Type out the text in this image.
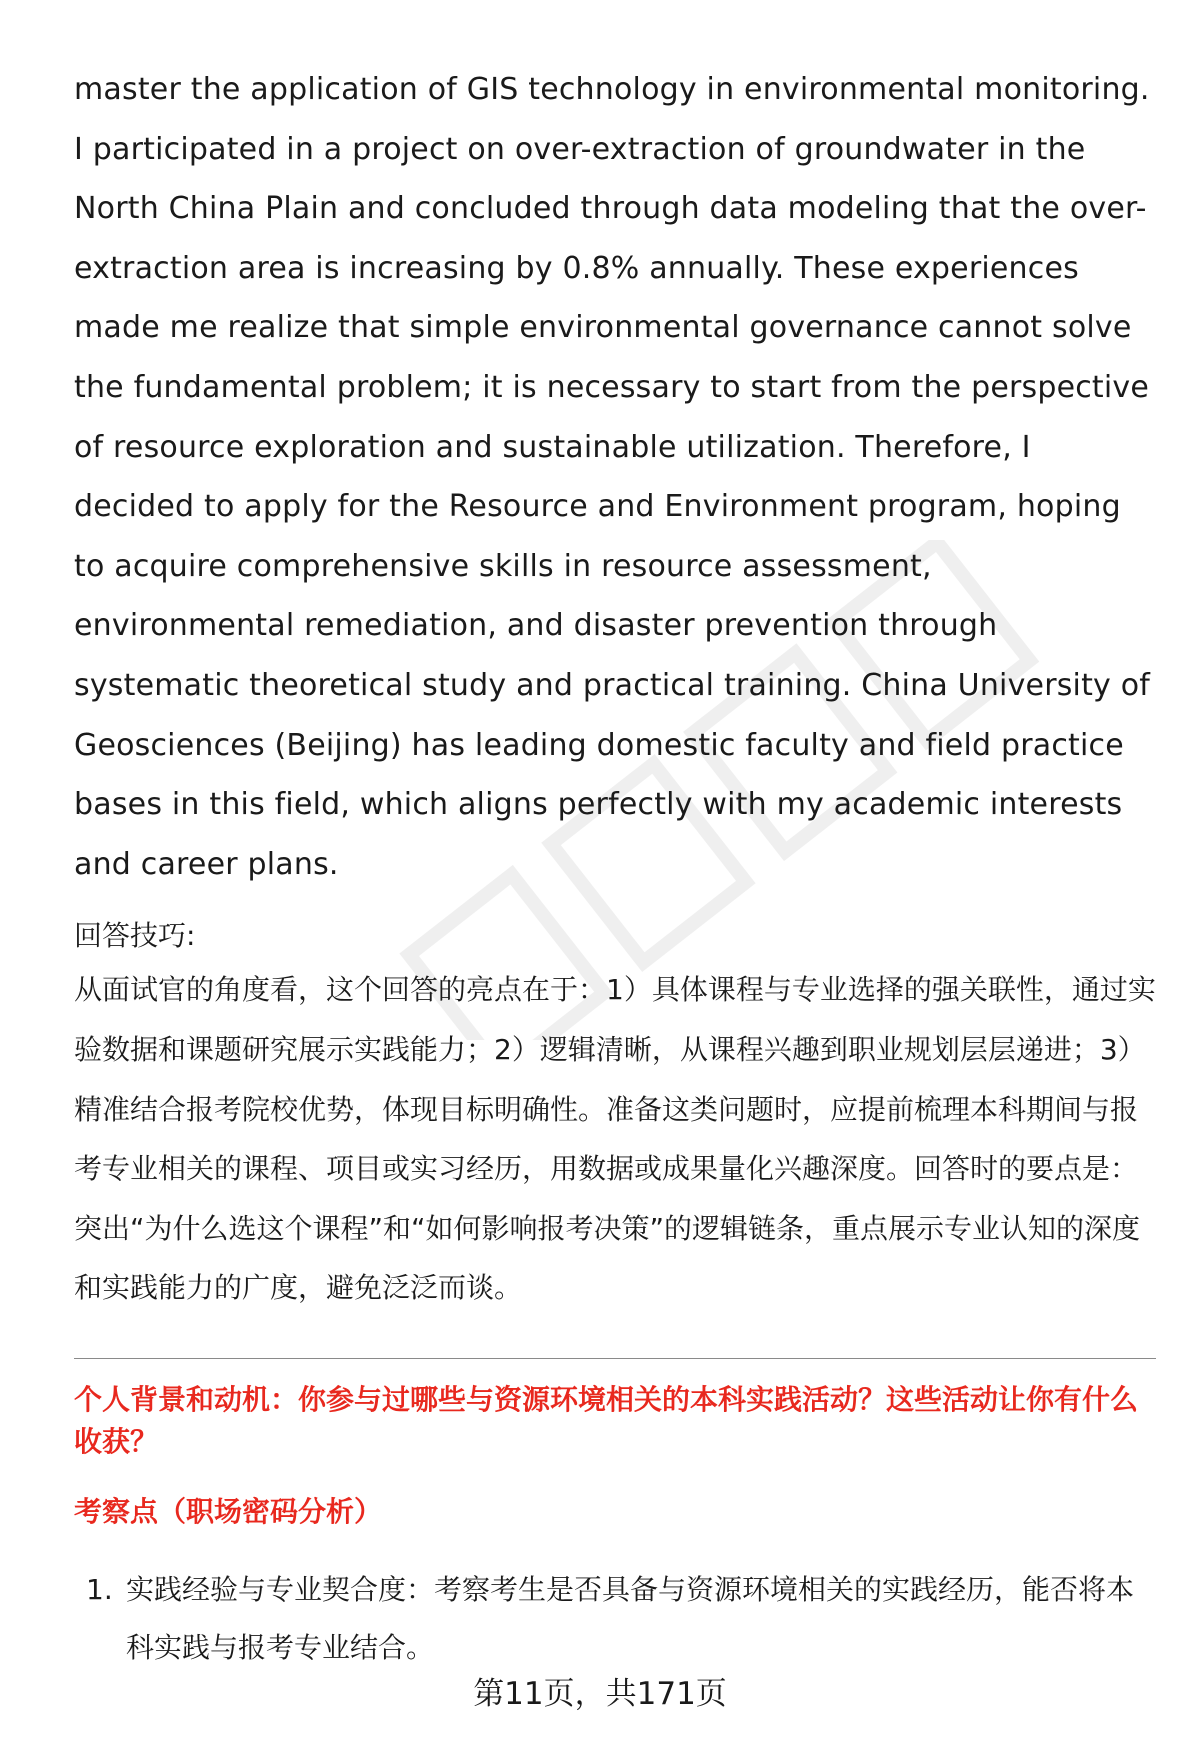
master the application of GIS technology in environmental monitoring. I participated in a project on over-extraction of groundwater in the North China Plain and concluded through data modeling that the over-extraction area is increasing by 0.8% annually. These experiences made me realize that simple environmental governance cannot solve the fundamental problem; it is necessary to start from the perspective of resource exploration and sustainable utilization. Therefore, I decided to apply for the Resource and Environment program, hoping to acquire comprehensive skills in resource assessment, environmental remediation, and disaster prevention through systematic theoretical study and practical training. China University of Geosciences (Beijing) has leading domestic faculty and field practice bases in this field, which aligns perfectly with my academic interests and career plans.

回答技巧:

从面试官的角度看，这个回答的亮点在于：1）具体课程与专业选择的强关联性，通过实验数据和课题研究展示实践能力；2）逻辑清晰，从课程兴趣到职业规划层层递进；3）精准结合报考院校优势，体现目标明确性。准备这类问题时，应提前梳理本科期间与报考专业相关的课程、项目或实习经历，用数据或成果量化兴趣深度。回答时的要点是：突出“为什么选这个课程”和“如何影响报考决策”的逻辑链条，重点展示专业认知的深度和实践能力的广度，避免泛泛而谈。

个人背景和动机：你参与过哪些与资源环境相关的本科实践活动？这些活动让你有什么收获？
考察点（职场密码分析）
1. 实践经验与专业契合度：考察考生是否具备与资源环境相关的实践经历，能否将本科实践与报考专业结合。
第11页，共171页
